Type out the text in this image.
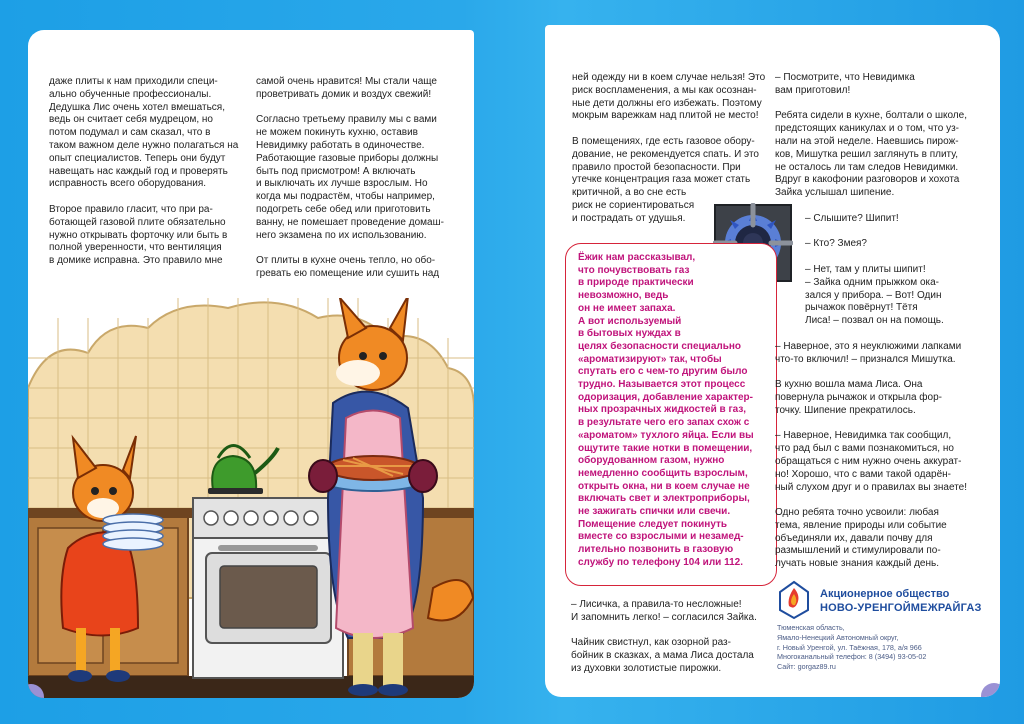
даже плиты к нам приходили специ-
ально обученные профессионалы.
Дедушка Лис очень хотел вмешаться,
ведь он считает себя мудрецом, но
потом подумал и сам сказал, что в
таком важном деле нужно полагаться на
опыт специалистов. Теперь они будут
навещать нас каждый год и проверять
исправность всего оборудования.

Второе правило гласит, что при ра-
ботающей газовой плите обязательно
нужно открывать форточку или быть в
полной уверенности, что вентиляция
в домике исправна. Это правило мне

самой очень нравится! Мы стали чаще
проветривать домик и воздух свежий!

Согласно третьему правилу мы с вами
не можем покинуть кухню, оставив
Невидимку работать в одиночестве.
Работающие газовые приборы должны
быть под присмотром! А включать
и выключать их лучше взрослым. Но
когда мы подрастём, чтобы например,
подогреть себе обед или приготовить
ванну, не помешает проведение домаш-
него экзамена по их использованию.

От плиты в кухне очень тепло, но обо-
гревать ею помещение или сушить над

ней одежду ни в коем случае нельзя! Это
риск воспламенения, а мы как осознан-
ные дети должны его избежать. Поэтому
мокрым варежкам над плитой не место!

В помещениях, где есть газовое обору-
дование, не рекомендуется спать. И это
правило простой безопасности. При
утечке концентрация газа может стать
критичной, а во сне есть
риск не сориентироваться
и пострадать от удушья.

Ёжик нам рассказывал,
что почувствовать газ
в природе практически
невозможно, ведь
он не имеет запаха.
А вот используемый
в бытовых нуждах в
целях безопасности специально
«ароматизируют» так, чтобы
спутать его с чем-то другим было
трудно. Называется этот процесс
одоризация, добавление характер-
ных прозрачных жидкостей в газ,
в результате чего его запах схож с
«ароматом» тухлого яйца. Если вы
ощутите такие нотки в помещении,
оборудованном газом, нужно
немедленно сообщить взрослым,
открыть окна, ни в коем случае не
включать свет и электроприборы,
не зажигать спички или свечи.
Помещение следует покинуть
вместе со взрослыми и незамед-
лительно позвонить в газовую
службу по телефону 104 или 112.

– Лисичка, а правила-то несложные!
И запомнить легко! – согласился Зайка.

Чайник свистнул, как озорной раз-
бойник в сказках, а мама Лиса достала
из духовки золотистые пирожки.

– Посмотрите, что Невидимка
вам приготовил!

Ребята сидели в кухне, болтали о школе,
предстоящих каникулах и о том, что уз-
нали на этой неделе. Наевшись пирож-
ков, Мишутка решил заглянуть в плиту,
не осталось ли там следов Невидимки.
Вдруг в какофонии разговоров и хохота
Зайка услышал шипение.

– Слышите? Шипит!

– Кто? Змея?

– Нет, там у плиты шипит!
– Зайка одним прыжком ока-
зался у прибора. – Вот! Один
рычажок повёрнут! Тётя
Лиса! – позвал он на помощь.

– Наверное, это я неуклюжими лапками
что-то включил! – признался Мишутка.

В кухню вошла мама Лиса. Она
повернула рычажок и открыла фор-
точку. Шипение прекратилось.

– Наверное, Невидимка так сообщил,
что рад был с вами познакомиться, но
обращаться с ним нужно очень аккурат-
но! Хорошо, что с вами такой одарён-
ный слухом друг и о правилах вы знаете!

Одно ребята точно усвоили: любая
тема, явление природы или событие
объединяли их, давали почву для
размышлений и стимулировали по-
лучать новые знания каждый день.

Акционерное общество
НОВО-УРЕНГОЙМЕЖРАЙГАЗ
Тюменская область,
Ямало-Ненецкий Автономный округ,
г. Новый Уренгой, ул. Таёжная, 178, а/я 966
Многоканальный телефон: 8 (3494) 93-05-02
Сайт: gorgaz89.ru
